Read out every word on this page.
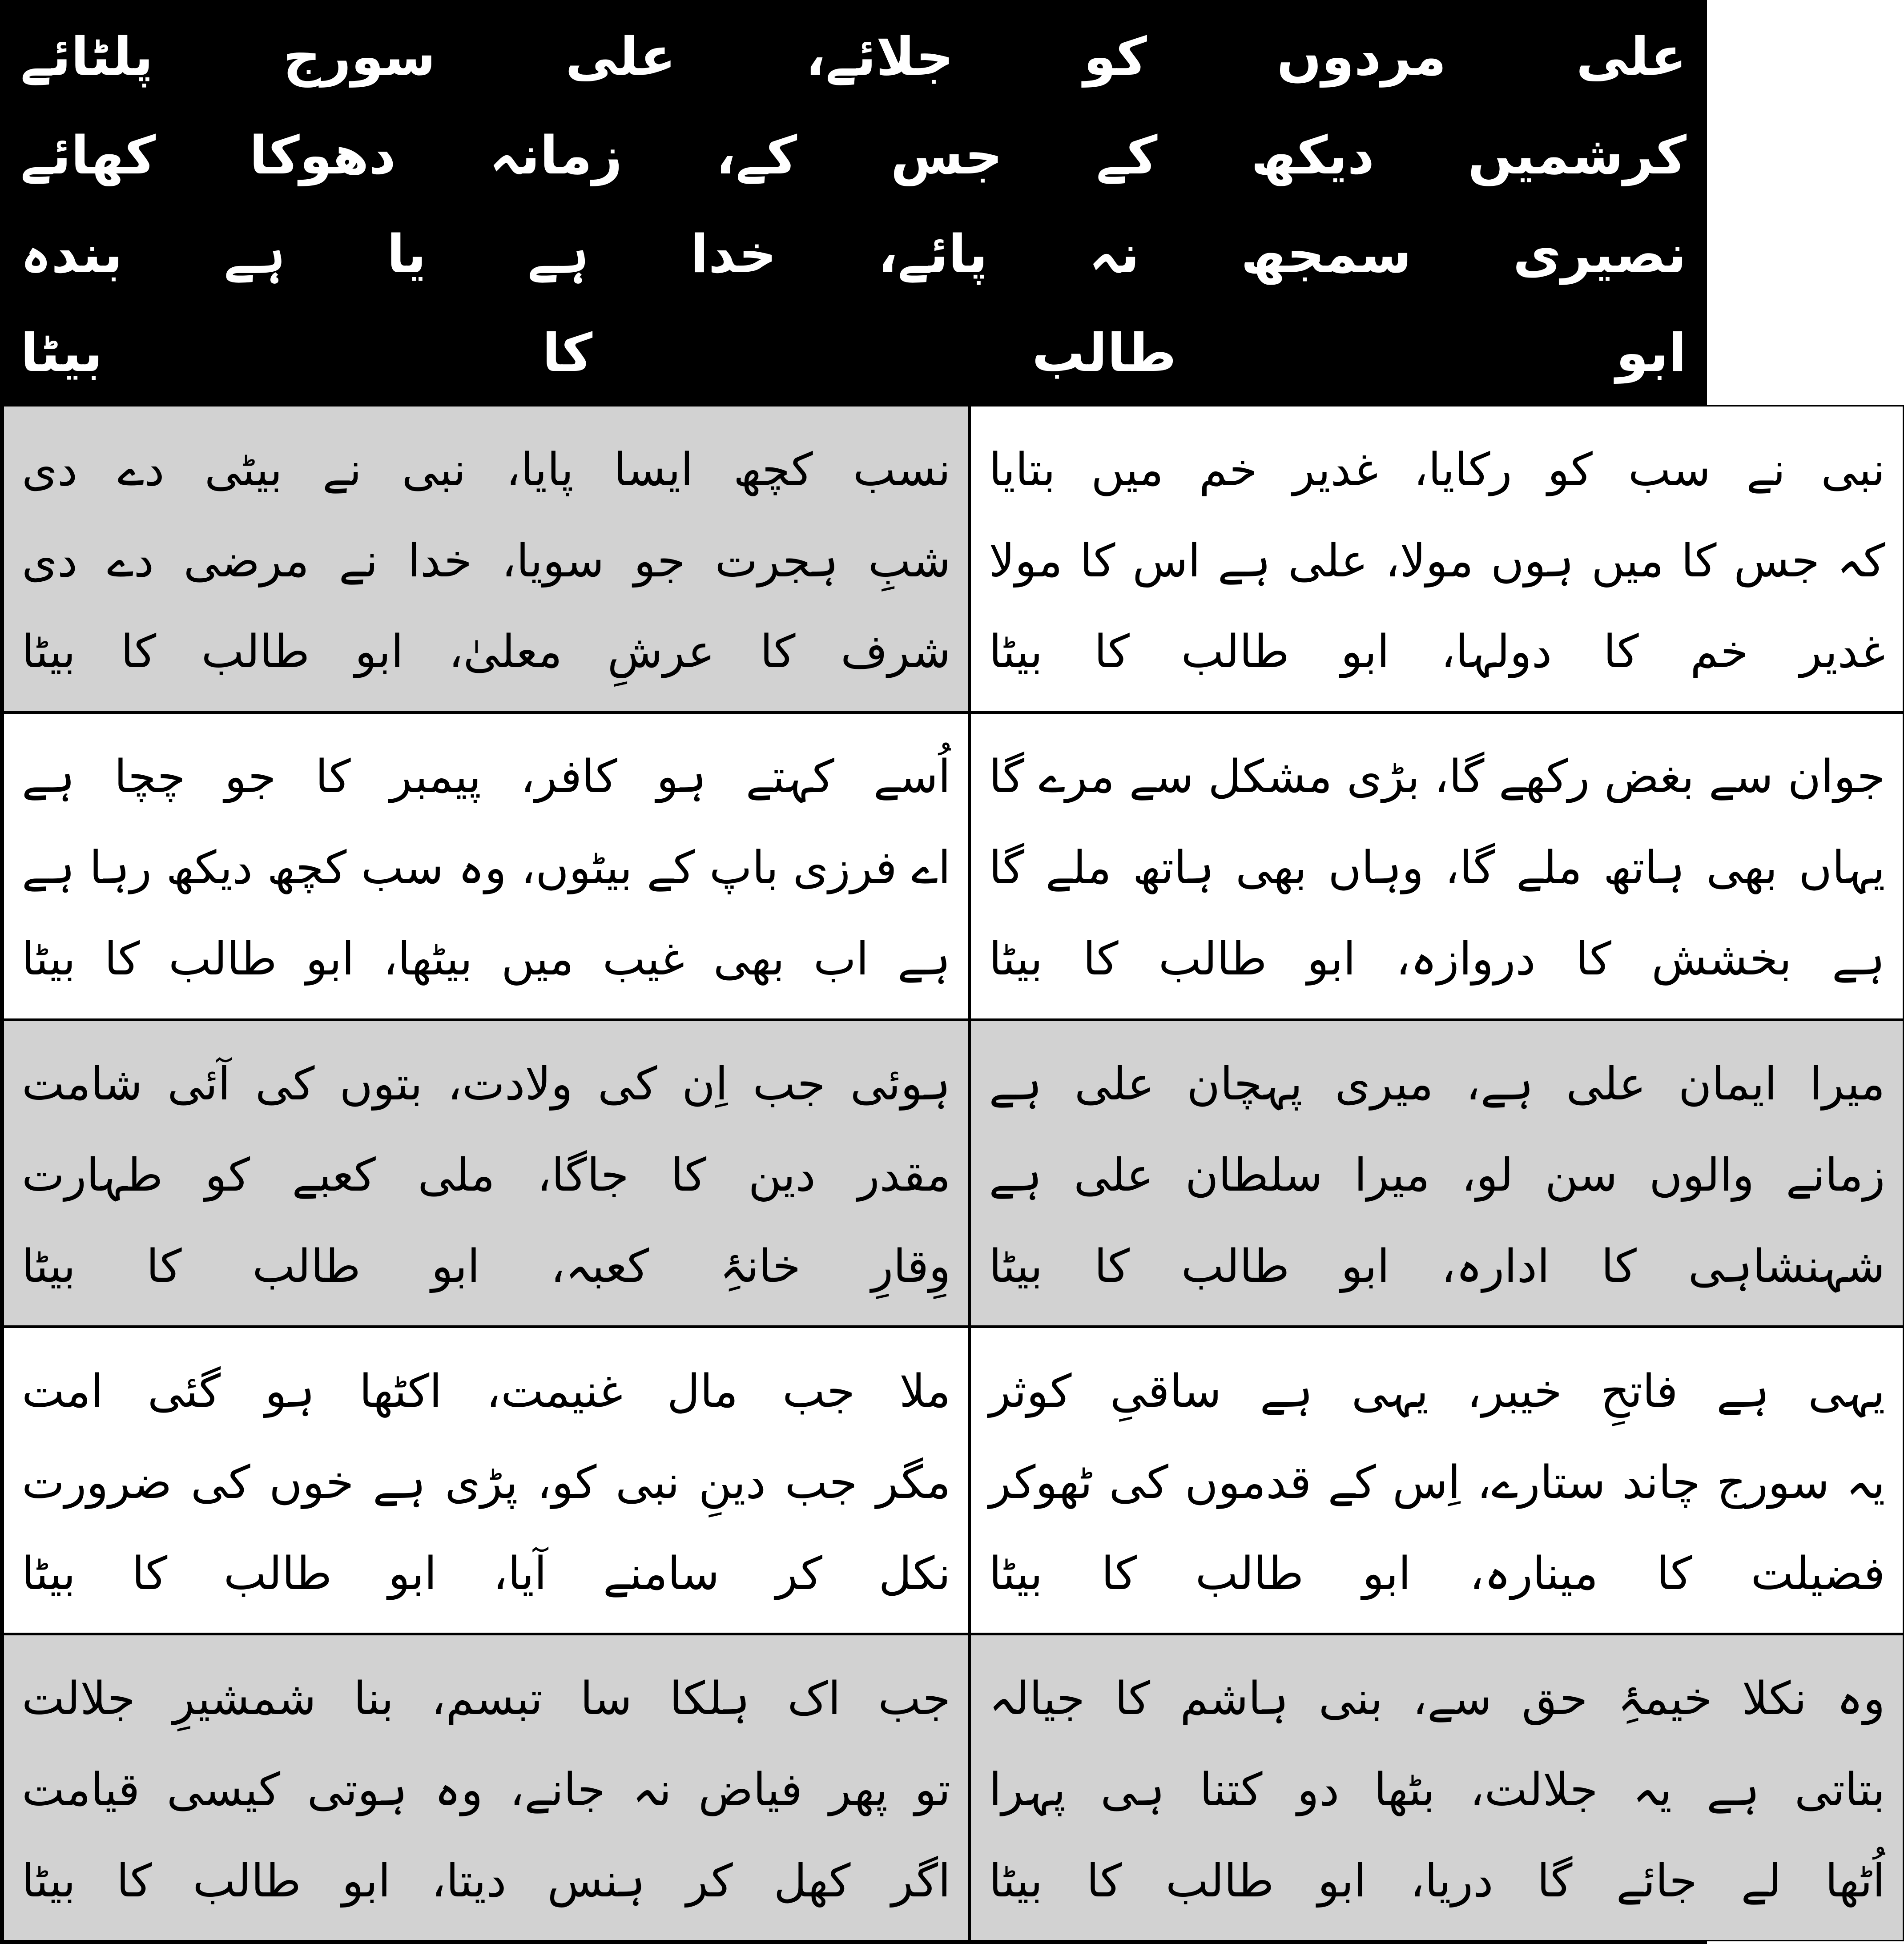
علی
مردوں
کو
جلائے،
علی
سورج
پلٹائے
کرشمیں
دیکھ
کے
جس
کے،
زمانہ
دھوکا
کھائے
نصیری
سمجھ
نہ
پائے،
خدا
ہے
یا
ہے
بندہ
ابو
طالب
کا
بیٹا
نسب کچھ ایسا پایا، نبی نے بیٹی دے دی
شبِ ہجرت جو سویا، خدا نے مرضی دے دی
شرف کا عرشِ معلیٰ، ابو طالب کا بیٹا
نبی نے سب کو رکایا، غدیر خم میں بتایا
کہ جس کا میں ہوں مولا، علی ہے اس کا مولا
غدیر خم کا دولہا، ابو طالب کا بیٹا
اُسے کہتے ہو کافر، پیمبر کا جو چچا ہے
اے فرزی باپ کے بیٹوں، وہ سب کچھ دیکھ رہا ہے
ہے اب بھی غیب میں بیٹھا، ابو طالب کا بیٹا
جوان سے بغض رکھے گا، بڑی مشکل سے مرے گا
یہاں بھی ہاتھ ملے گا، وہاں بھی ہاتھ ملے گا
ہے بخشش کا دروازہ، ابو طالب کا بیٹا
ہوئی جب اِن کی ولادت، بتوں کی آئی شامت
مقدر دین کا جاگا، ملی کعبے کو طہارت
وِقارِ خانۂِ کعبہ، ابو طالب کا بیٹا
میرا ایمان علی ہے، میری پہچان علی ہے
زمانے والوں سن لو، میرا سلطان علی ہے
شہنشاہی کا ادارہ، ابو طالب کا بیٹا
ملا جب مال غنیمت، اکٹھا ہو گئی امت
مگر جب دینِ نبی کو، پڑی ہے خوں کی ضرورت
نکل کر سامنے آیا، ابو طالب کا بیٹا
یہی ہے فاتحِ خیبر، یہی ہے ساقیِ کوثر
یہ سورج چاند ستارے، اِس کے قدموں کی ٹھوکر
فضیلت کا مینارہ، ابو طالب کا بیٹا
جب اک ہلکا سا تبسم، بنا شمشیرِ جلالت
تو پھر فیاض نہ جانے، وہ ہوتی کیسی قیامت
اگر کھل کر ہنس دیتا، ابو طالب کا بیٹا
وہ نکلا خیمۂِ حق سے، بنی ہاشم کا جیالہ
بتاتی ہے یہ جلالت، بٹھا دو کتنا ہی پہرا
اُٹھا لے جائے گا دریا، ابو طالب کا بیٹا
